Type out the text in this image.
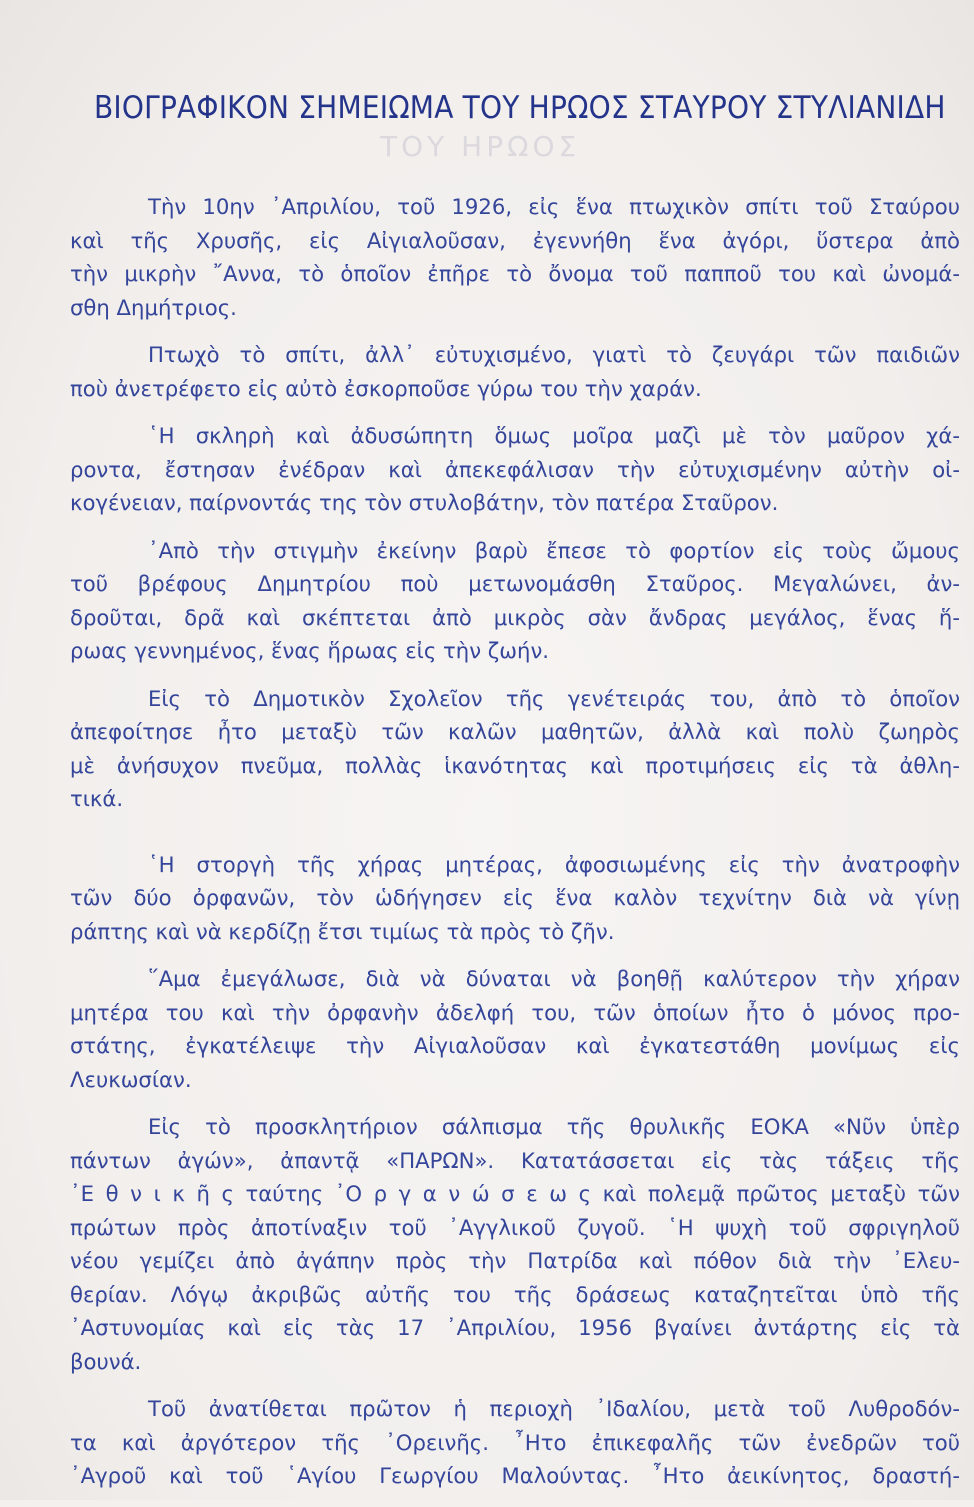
ΤΟΥ ΗΡΩΟΣ
ΒΙΟΓΡΑΦΙΚΟΝ ΣΗΜΕΙΩΜΑ ΤΟΥ ΗΡΩΟΣ ΣΤΑΥΡΟΥ ΣΤΥΛΙΑΝΙΔΗ

Τὴν 10ην ᾿Απριλίου, τοῦ 1926, εἰς ἕνα πτωχικὸν σπίτι τοῦ Σταύρου
καὶ τῆς Χρυσῆς, εἰς Αἰγιαλοῦσαν, ἐγεννήθη ἕνα ἀγόρι, ὕστερα ἀπὸ
τὴν μικρὴν ῎Αννα, τὸ ὁποῖον ἐπῆρε τὸ ὄνομα τοῦ παπποῦ του καὶ ὠνομά-
σθη Δημήτριος.

Πτωχὸ τὸ σπίτι, ἀλλ᾿ εὐτυχισμένο, γιατὶ τὸ ζευγάρι τῶν παιδιῶν
ποὺ ἀνετρέφετο εἰς αὐτὸ ἐσκορποῦσε γύρω του τὴν χαράν.

῾Η σκληρὴ καὶ ἀδυσώπητη ὅμως μοῖρα μαζὶ μὲ τὸν μαῦρον χά-
ροντα, ἔστησαν ἐνέδραν καὶ ἀπεκεφάλισαν τὴν εὐτυχισμένην αὐτὴν οἰ-
κογένειαν, παίρνοντάς της τὸν στυλοβάτην, τὸν πατέρα Σταῦρον.

᾿Απὸ τὴν στιγμὴν ἐκείνην βαρὺ ἔπεσε τὸ φορτίον εἰς τοὺς ὤμους
τοῦ βρέφους Δημητρίου ποὺ μετωνομάσθη Σταῦρος. Μεγαλώνει, ἀν-
δροῦται, δρᾶ καὶ σκέπτεται ἀπὸ μικρὸς σὰν ἄνδρας μεγάλος, ἕνας ἥ-
ρωας γεννημένος, ἕνας ἥρωας εἰς τὴν ζωήν.

Εἰς τὸ Δημοτικὸν Σχολεῖον τῆς γενέτειράς του, ἀπὸ τὸ ὁποῖον
ἀπεφοίτησε ἦτο μεταξὺ τῶν καλῶν μαθητῶν, ἀλλὰ καὶ πολὺ ζωηρὸς
μὲ ἀνήσυχον πνεῦμα, πολλὰς ἱκανότητας καὶ προτιμήσεις εἰς τὰ ἀθλη-
τικά.

῾Η στοργὴ τῆς χήρας μητέρας, ἀφοσιωμένης εἰς τὴν ἀνατροφὴν
τῶν δύο ὀρφανῶν, τὸν ὡδήγησεν εἰς ἕνα καλὸν τεχνίτην διὰ νὰ γίνῃ
ράπτης καὶ νὰ κερδίζῃ ἔτσι τιμίως τὰ πρὸς τὸ ζῆν.

῞Αμα ἐμεγάλωσε, διὰ νὰ δύναται νὰ βοηθῇ καλύτερον τὴν χήραν
μητέρα του καὶ τὴν ὀρφανὴν ἀδελφή του, τῶν ὁποίων ἦτο ὁ μόνος προ-
στάτης, ἐγκατέλειψε τὴν Αἰγιαλοῦσαν καὶ ἐγκατεστάθη μονίμως εἰς
Λευκωσίαν.

Εἰς τὸ προσκλητήριον σάλπισμα τῆς θρυλικῆς ΕΟΚΑ «Νῦν ὑπὲρ
πάντων ἀγών», ἀπαντᾷ «ΠΑΡΩΝ». Κατατάσσεται εἰς τὰς τάξεις τῆς
᾿Ε θ ν ι κ ῆ ς ταύτης ᾿Ο ρ γ α ν ώ σ ε ω ς καὶ πολεμᾷ πρῶτος μεταξὺ τῶν
πρώτων πρὸς ἀποτίναξιν τοῦ ᾿Αγγλικοῦ ζυγοῦ. ῾Η ψυχὴ τοῦ σφριγηλοῦ
νέου γεμίζει ἀπὸ ἀγάπην πρὸς τὴν Πατρίδα καὶ πόθον διὰ τὴν ᾿Ελευ-
θερίαν. Λόγῳ ἀκριβῶς αὐτῆς του τῆς δράσεως καταζητεῖται ὑπὸ τῆς
᾿Αστυνομίας καὶ εἰς τὰς 17 ᾿Απριλίου, 1956 βγαίνει ἀντάρτης εἰς τὰ
βουνά.

Τοῦ ἀνατίθεται πρῶτον ἡ περιοχὴ ᾿Ιδαλίου, μετὰ τοῦ Λυθροδόν-
τα καὶ ἀργότερον τῆς ᾿Ορεινῆς. ῏Ητο ἐπικεφαλῆς τῶν ἐνεδρῶν τοῦ
᾿Αγροῦ καὶ τοῦ ῾Αγίου Γεωργίου Μαλούντας. ῏Ητο ἀεικίνητος, δραστή-
